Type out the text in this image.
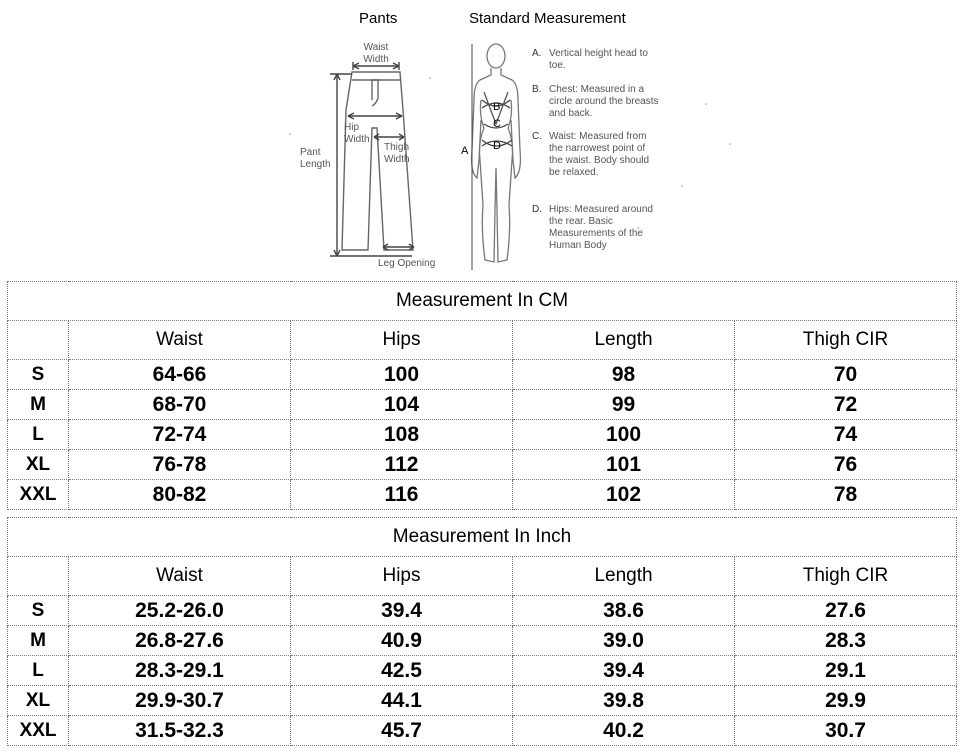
Pants	Standard Measurement
Waist
Width
Hip
Width
Pant
Length
Thigh
Width
Leg Opening
A
B
C
D
A. Vertical height head to toe.
B. Chest: Measured in a circle around the breasts and back.
C. Waist: Measured from the narrowest point of the waist. Body should be relaxed.
D. Hips: Measured around the rear. Basic Measurements of the Human Body
Measurement In CM				
	Waist	Hips	Length	Thigh CIR
S	64-66	100	98	70
M	68-70	104	99	72
L	72-74	108	100	74
XL	76-78	112	101	76
XXL	80-82	116	102	78
Measurement In Inch				
	Waist	Hips	Length	Thigh CIR
S	25.2-26.0	39.4	38.6	27.6
M	26.8-27.6	40.9	39.0	28.3
L	28.3-29.1	42.5	39.4	29.1
XL	29.9-30.7	44.1	39.8	29.9
XXL	31.5-32.3	45.7	40.2	30.7
